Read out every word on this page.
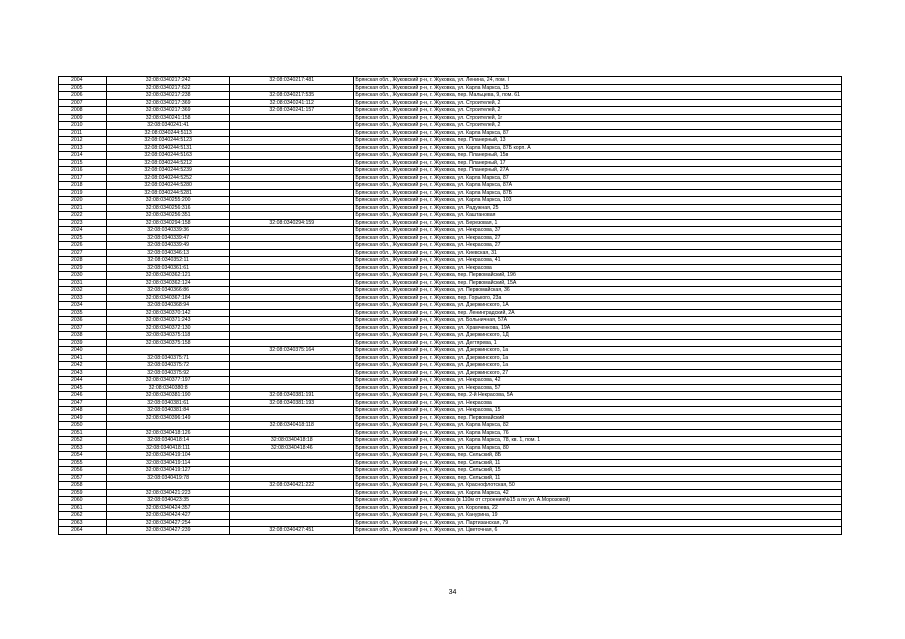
2004	32:08:0340217:242	32:08:0340217:481	Брянская обл., Жуковский р-н, г. Жуковка, ул. Ленина, 24, пом. I
2005	32:08:0340217:622		Брянская обл., Жуковский р-н, г. Жуковка, ул. Карла Маркса, 15
2006	32:08:0340217:238	32:08:0340217:535	Брянская обл., Жуковский р-н, г. Жуковка, пер. Мальцева, 9, пом. 61
2007	32:08:0340217:369	32:08:0340241:112	Брянская обл., Жуковский р-н, г. Жуковка, ул. Строителей, 2
2008	32:08:0340217:369	32:08:0340241:157	Брянская обл., Жуковский р-н, г. Жуковка, ул. Строителей, 2
2009	32:08:0340241:158		Брянская обл., Жуковский р-н, г. Жуковка, ул. Строителей, 1г
2010	32:08:0340241:41		Брянская обл., Жуковский р-н, г. Жуковка, ул. Строителей, 2
2011	32:08:0340244:5113		Брянская обл., Жуковский р-н, г. Жуковка, ул. Карла Маркса, 87
2012	32:08:0340244:5123		Брянская обл., Жуковский р-н, г. Жуковка, пер. Планерный, 13
2013	32:08:0340244:5131		Брянская обл., Жуковский р-н, г. Жуковка, ул. Карла Маркса, 87Б корп. А
2014	32:08:0340244:5163		Брянская обл., Жуковский р-н, г. Жуковка, пер. Планерный, 15в
2015	32:08:0340244:5212		Брянская обл., Жуковский р-н, г. Жуковка, пер. Планерный, 17
2016	32:08:0340244:5239		Брянская обл., Жуковский р-н, г. Жуковка, пер. Планерный, 27А
2017	32:08:0340244:5252		Брянская обл., Жуковский р-н, г. Жуковка, ул. Карла Маркса, 87
2018	32:08:0340244:5280		Брянская обл., Жуковский р-н, г. Жуковка, ул. Карла Маркса, 87А
2019	32:08:0340244:5281		Брянская обл., Жуковский р-н, г. Жуковка, ул. Карла Маркса, 87Б
2020	32:08:0340255:200		Брянская обл., Жуковский р-н, г. Жуковка, ул. Карла Маркса, 103
2021	32:08:0340256:316		Брянская обл., Жуковский р-н, г. Жуковка, ул. Радужная, 25
2022	32:08:0340256:351		Брянская обл., Жуковский р-н, г. Жуковка, ул. Каштановая
2023	32:08:0340294:158	32:08:0340294:159	Брянская обл., Жуковский р-н, г. Жуковка, ул. Березовая, 1
2024	32:08:0340339:36		Брянская обл., Жуковский р-н, г. Жуковка, ул. Некрасова, 37
2025	32:08:0340339:47		Брянская обл., Жуковский р-н, г. Жуковка, ул. Некрасова, 27
2026	32:08:0340339:49		Брянская обл., Жуковский р-н, г. Жуковка, ул. Некрасова, 27
2027	32:08:0340346:13		Брянская обл., Жуковский р-н, г. Жуковка, ул. Киевская, 31
2028	32:08:0340352:11		Брянская обл., Жуковский р-н, г. Жуковка, ул. Некрасова, 41
2029	32:08:0340361:61		Брянская обл., Жуковский р-н, г. Жуковка, ул. Некрасова
2030	32:08:0340362:121		Брянская обл., Жуковский р-н, г. Жуковка, пер. Первомайский, 19б
2031	32:08:0340362:124		Брянская обл., Жуковский р-н, г. Жуковка, пер. Первомайский, 15А
2032	32:08:0340366:86		Брянская обл., Жуковский р-н, г. Жуковка, ул. Первомайская, 36
2033	32:08:0340367:184		Брянская обл., Жуковский р-н, г. Жуковка, пер. Горького, 23а
2034	32:08:0340368:94		Брянская обл., Жуковский р-н, г. Жуковка, ул. Дзержинского, 1А
2035	32:08:0340370:142		Брянская обл., Жуковский р-н, г. Жуковка, пер. Ленинградский, 2А
2036	32:08:0340371:243		Брянская обл., Жуковский р-н, г. Жуковка, ул. Больничная, 57А
2037	32:08:0340372:130		Брянская обл., Жуковский р-н, г. Жуковка, ул. Храмченкова, 19А
2038	32:08:0340375:118		Брянская обл., Жуковский р-н, г. Жуковка, ул. Дзержинского, 1Д
2039	32:08:0340375:158		Брянская обл., Жуковский р-н, г. Жуковка, ул. Дегтярева, 1
2040		32:08:0340375:164	Брянская обл., Жуковский р-н, г. Жуковка, ул. Дзержинского, 1а
2041	32:08:0340375:71		Брянская обл., Жуковский р-н, г. Жуковка, ул. Дзержинского, 1а
2042	32:08:0340375:72		Брянская обл., Жуковский р-н, г. Жуковка, ул. Дзержинского, 1а
2043	32:08:0340375:92		Брянская обл., Жуковский р-н, г. Жуковка, ул. Дзержинского, 27
2044	32:08:0340377:197		Брянская обл., Жуковский р-н, г. Жуковка, ул. Некрасова, 42
2045	32:08:0340380:8		Брянская обл., Жуковский р-н, г. Жуковка, ул. Некрасова, 57
2046	32:08:0340381:190	32:08:0340381:191	Брянская обл., Жуковский р-н, г. Жуковка, пер. 2-й Некрасова, 5А
2047	32:08:0340381:61	32:08:0340381:193	Брянская обл., Жуковский р-н, г. Жуковка, ул. Некрасова
2048	32:08:0340381:84		Брянская обл., Жуковский р-н, г. Жуковка, ул. Некрасова, 15
2049	32:08:0340396:149		Брянская обл., Жуковский р-н, г. Жуковка, пер. Первомайский
2050		32:08:0340418:118	Брянская обл., Жуковский р-н, г. Жуковка, ул. Карла Маркса, 82
2051	32:08:0340418:126		Брянская обл., Жуковский р-н, г. Жуковка, ул. Карла Маркса, 76
2052	32:08:0340418:14	32:08:0340418:18	Брянская обл., Жуковский р-н, г. Жуковка, ул. Карла Маркса, 78, кв. 1, пом. 1
2053	32:08:0340418:111	32:08:0340418:46	Брянская обл., Жуковский р-н, г. Жуковка, ул. Карла Маркса, 80
2054	32:08:0340419:104		Брянская обл., Жуковский р-н, г. Жуковка, пер. Сельский, 8Б
2055	32:08:0340419:114		Брянская обл., Жуковский р-н, г. Жуковка, пер. Сельский, 11
2056	32:08:0340419:127		Брянская обл., Жуковский р-н, г. Жуковка, пер. Сельский, 15
2057	32:08:0340419:78		Брянская обл., Жуковский р-н, г. Жуковка, пер. Сельский, 11
2058		32:08:0340421:222	Брянская обл., Жуковский р-н, г. Жуковка, ул. Краснофлотская, 50
2059	32:08:0340421:223		Брянская обл., Жуковский р-н, г. Жуковка, ул. Карла Маркса, 42
2060	32:08:0340423:35		Брянская обл., Жуковский р-н, г. Жуковка (в 110м от строения№15 а по ул. А.Морозовой)
2061	32:08:0340424:357		Брянская обл., Жуковский р-н, г. Жуковка, ул. Королева, 22
2062	32:08:0340424:427		Брянская обл., Жуковский р-н, г. Жуковка, ул. Канурина, 19
2063	32:08:0340427:254		Брянская обл., Жуковский р-н, г. Жуковка, ул. Партизанская, 79
2064	32:08:0340427:239	32:08:0340427:451	Брянская обл., Жуковский р-н, г. Жуковка, ул. Цветочная, 6
34
